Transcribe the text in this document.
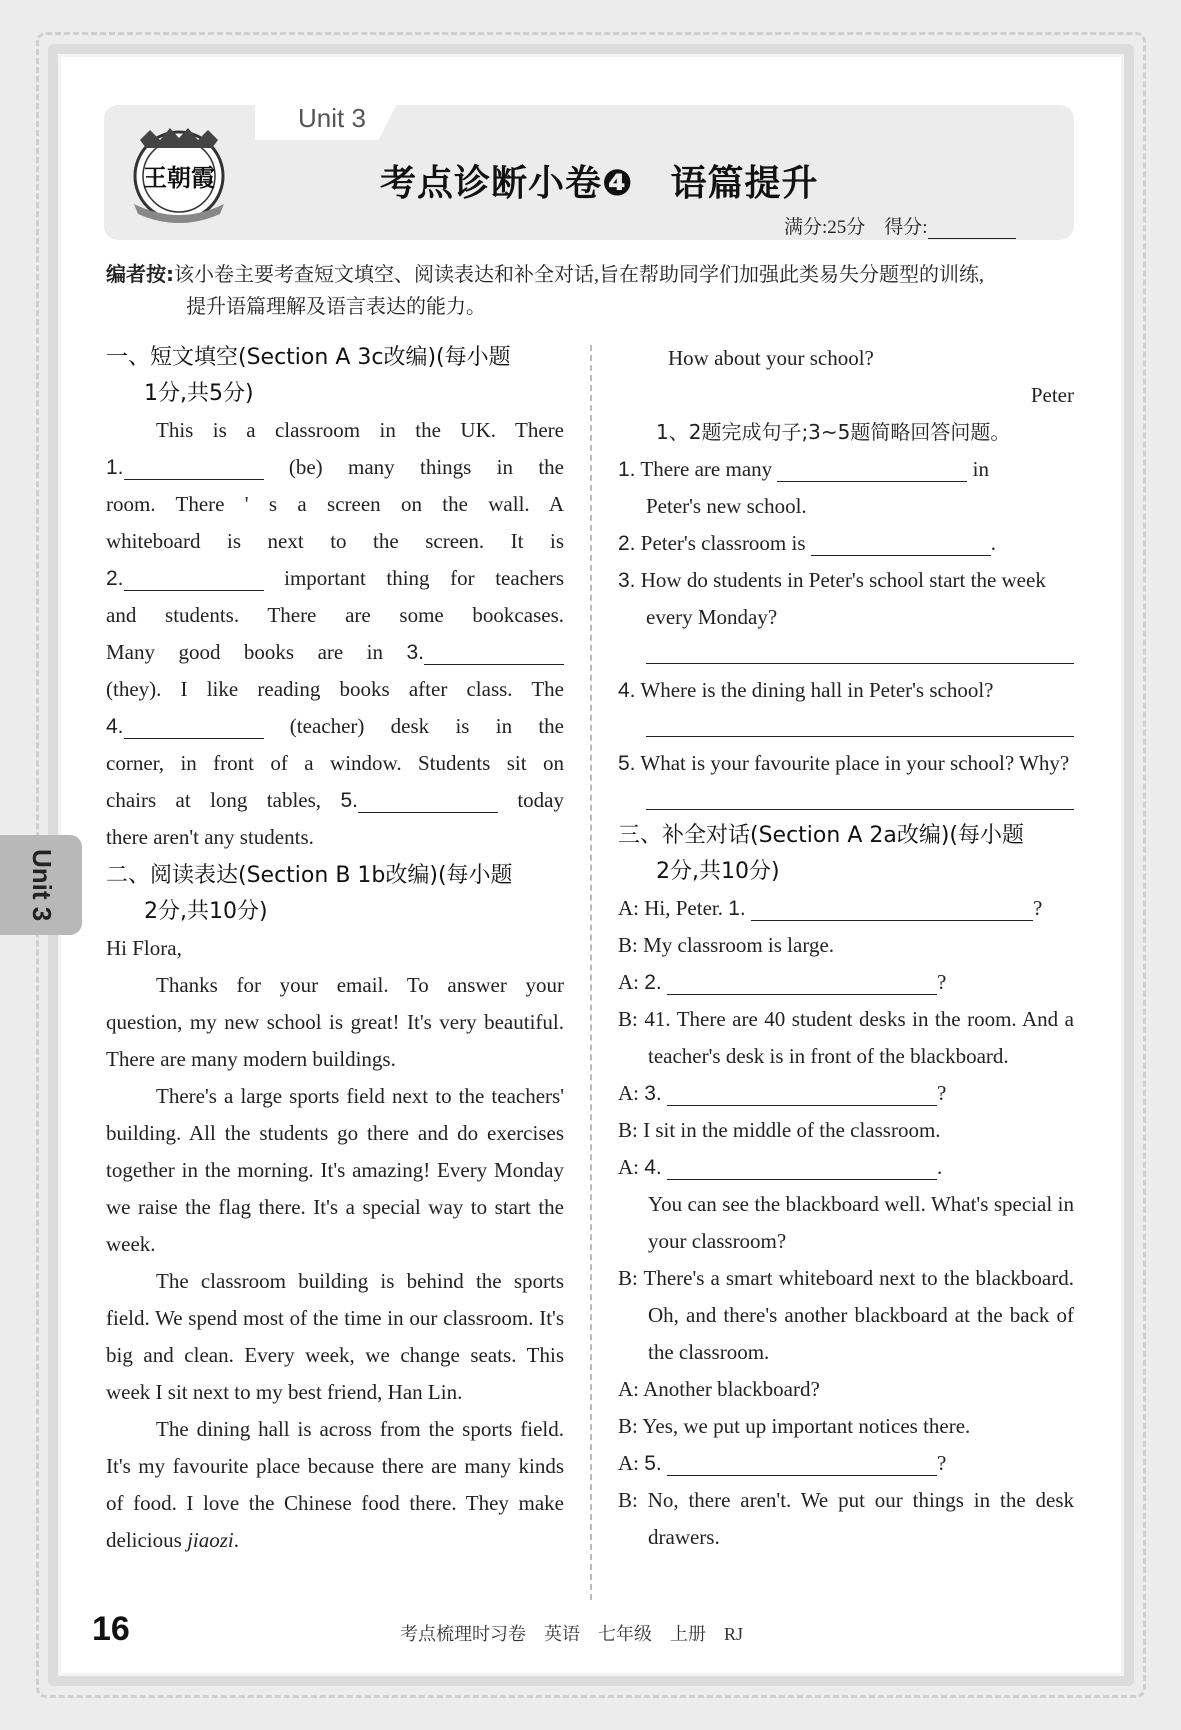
Unit 3
王朝霞	考点诊断小卷❹　语篇提升
满分:25分　得分:
编者按:该小卷主要考查短文填空、阅读表达和补全对话,旨在帮助同学们加强此类易失分题型的训练,
提升语篇理解及语言表达的能力。
一、短文填空(Section A 3c改编)(每小题
1分,共5分)
This is a classroom in the UK. There
1.	(be) many things in the
room. There ' s a screen on the wall. A
whiteboard is next to the screen. It is
2.	important thing for teachers
and students. There are some bookcases.
Many good books are in 3.
(they). I like reading books after class. The
4.	(teacher) desk is in the
corner, in front of a window. Students sit on
chairs at long tables, 5.	today
there aren't any students.
二、阅读表达(Section B 1b改编)(每小题
2分,共10分)
Hi Flora,
Thanks for your email. To answer your question, my new school is great! It's very beautiful. There are many modern buildings.
There's a large sports field next to the teachers' building. All the students go there and do exercises together in the morning. It's amazing! Every Monday we raise the flag there. It's a special way to start the week.
The classroom building is behind the sports field. We spend most of the time in our classroom. It's big and clean. Every week, we change seats. This week I sit next to my best friend, Han Lin.
The dining hall is across from the sports field. It's my favourite place because there are many kinds of food. I love the Chinese food there. They make delicious jiaozi.
How about your school?
Peter
1、2题完成句子;3~5题简略回答问题。
1. There are many	in
Peter's new school.
2. Peter's classroom is	.
3. How do students in Peter's school start the week every Monday?
4. Where is the dining hall in Peter's school?
5. What is your favourite place in your school? Why?
三、补全对话(Section A 2a改编)(每小题
2分,共10分)
A: Hi, Peter. 1.	?
B: My classroom is large.
A: 2.	?
B: 41. There are 40 student desks in the room. And a teacher's desk is in front of the blackboard.
A: 3.	?
B: I sit in the middle of the classroom.
A: 4.	.
You can see the blackboard well. What's special in your classroom?
B: There's a smart whiteboard next to the blackboard. Oh, and there's another blackboard at the back of the classroom.
A: Another blackboard?
B: Yes, we put up important notices there.
A: 5.	?
B: No, there aren't. We put our things in the desk drawers.
Unit 3
16	考点梳理时习卷　英语　七年级　上册　RJ
